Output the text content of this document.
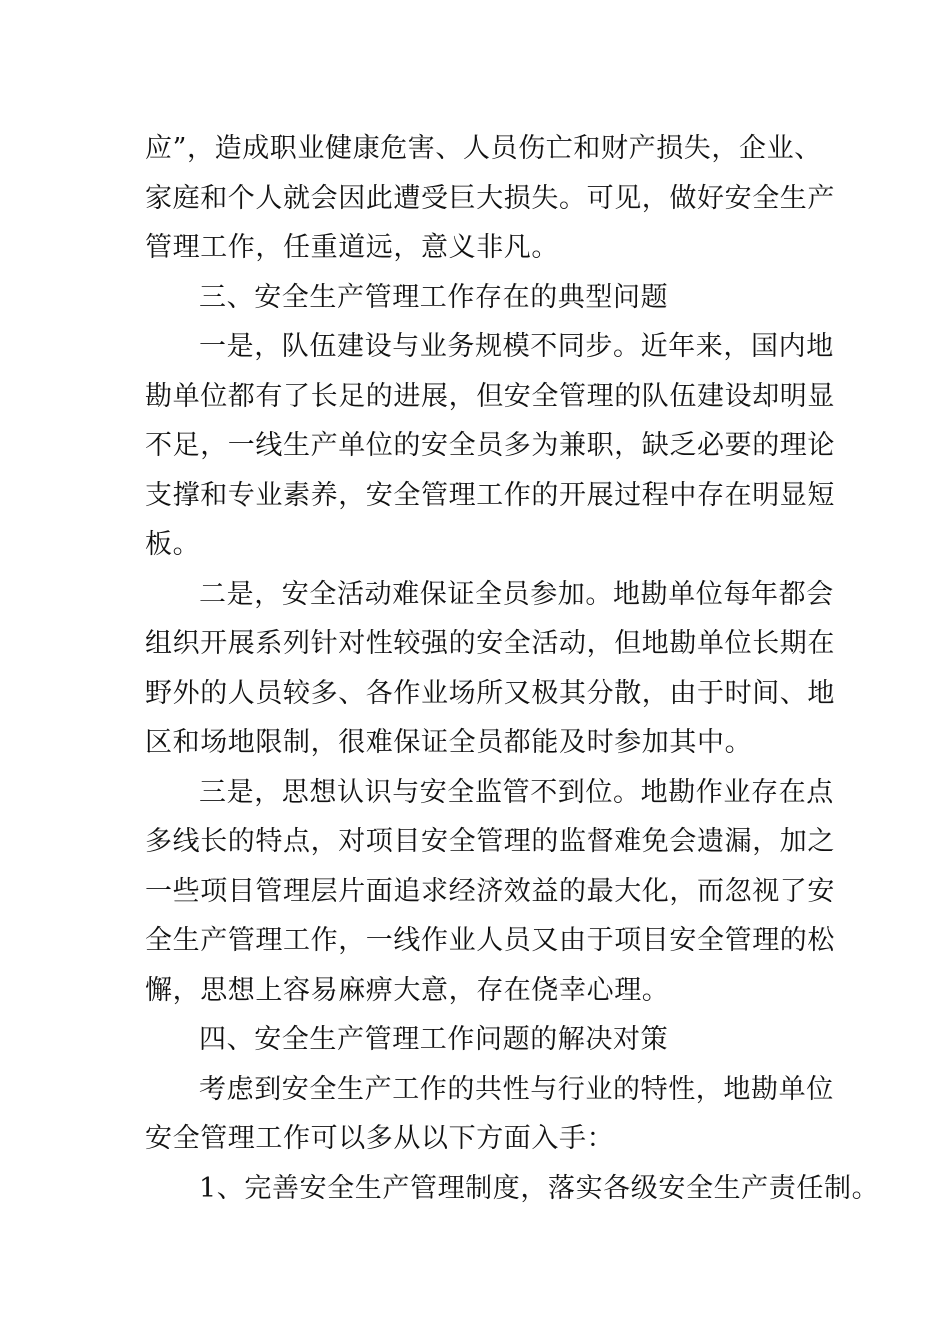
应”，造成职业健康危害、人员伤亡和财产损失，企业、
家庭和个人就会因此遭受巨大损失。可见，做好安全生产
管理工作，任重道远，意义非凡。
三、安全生产管理工作存在的典型问题
一是，队伍建设与业务规模不同步。近年来，国内地
勘单位都有了长足的进展，但安全管理的队伍建设却明显
不足，一线生产单位的安全员多为兼职，缺乏必要的理论
支撑和专业素养，安全管理工作的开展过程中存在明显短
板。
二是，安全活动难保证全员参加。地勘单位每年都会
组织开展系列针对性较强的安全活动，但地勘单位长期在
野外的人员较多、各作业场所又极其分散，由于时间、地
区和场地限制，很难保证全员都能及时参加其中。
三是，思想认识与安全监管不到位。地勘作业存在点
多线长的特点，对项目安全管理的监督难免会遗漏，加之
一些项目管理层片面追求经济效益的最大化，而忽视了安
全生产管理工作，一线作业人员又由于项目安全管理的松
懈，思想上容易麻痹大意，存在侥幸心理。
四、安全生产管理工作问题的解决对策
考虑到安全生产工作的共性与行业的特性，地勘单位
安全管理工作可以多从以下方面入手：
1、完善安全生产管理制度，落实各级安全生产责任制。
